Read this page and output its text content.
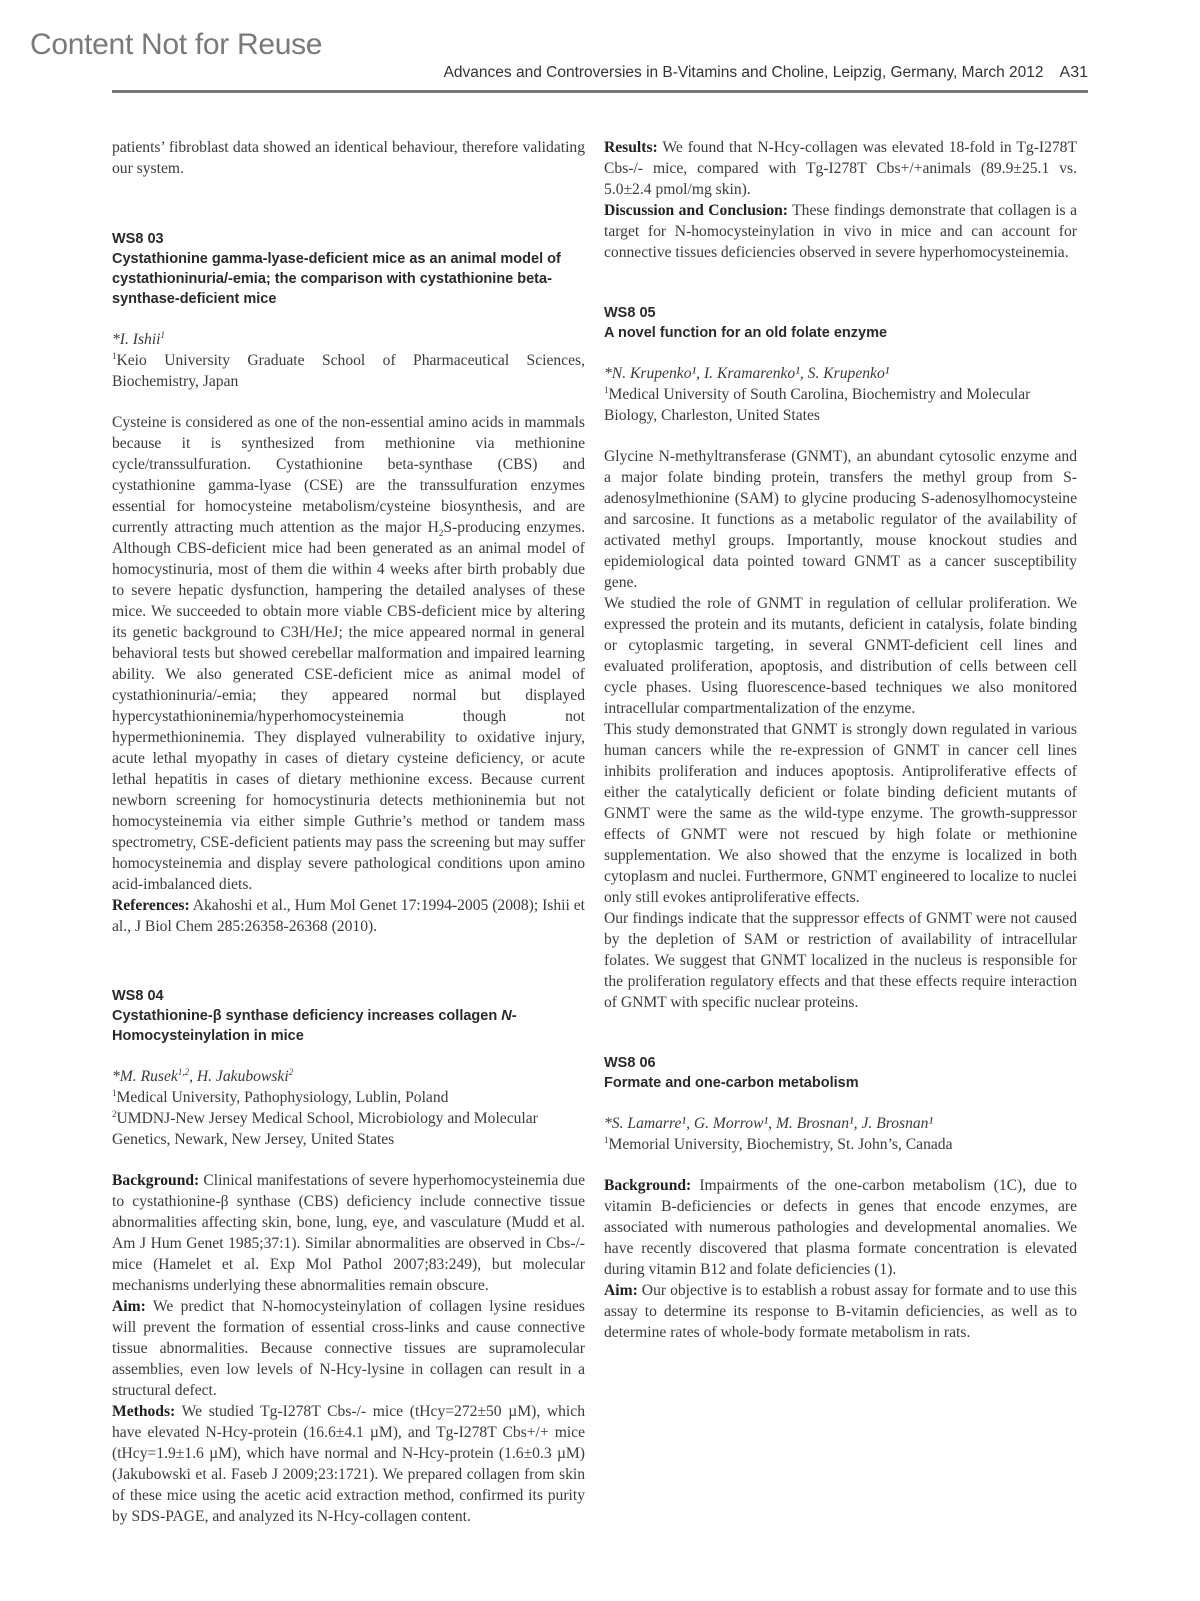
Content Not for Reuse
Advances and Controversies in B-Vitamins and Choline, Leipzig, Germany, March 2012 A31

patients’ fibroblast data showed an identical behaviour, therefore validating our system.

WS8 03
Cystathionine gamma-lyase-deficient mice as an animal model of cystathioninuria/-emia; the comparison with cystathionine beta-synthase-deficient mice
*I. Ishii$^1$
$^1$Keio University Graduate School of Pharmaceutical Sciences, Biochemistry, Japan

Cysteine is considered as one of the non-essential amino acids in mammals because it is synthesized from methionine via methionine cycle/transsulfuration. Cystathionine beta-synthase (CBS) and cystathionine gamma-lyase (CSE) are the transsulfuration enzymes essential for homocysteine metabolism/cysteine biosynthesis, and are currently attracting much attention as the major $H_2S$-producing enzymes. Although CBS-deficient mice had been generated as an animal model of homocystinuria, most of them die within 4 weeks after birth probably due to severe hepatic dysfunction, hampering the detailed analyses of these mice. We succeeded to obtain more viable CBS-deficient mice by altering its genetic background to C3H/HeJ; the mice appeared normal in general behavioral tests but showed cerebellar malformation and impaired learning ability. We also generated CSE-deficient mice as animal model of cystathioninuria/-emia; they appeared normal but displayed hypercystathioninemia/hyperhomocysteinemia though not hypermethioninemia. They displayed vulnerability to oxidative injury, acute lethal myopathy in cases of dietary cysteine deficiency, or acute lethal hepatitis in cases of dietary methionine excess. Because current newborn screening for homocystinuria detects methioninemia but not homocysteinemia via either simple Guthrie’s method or tandem mass spectrometry, CSE-deficient patients may pass the screening but may suffer homocysteinemia and display severe pathological conditions upon amino acid-imbalanced diets.

References: Akahoshi et al., Hum Mol Genet 17:1994-2005 (2008); Ishii et al., J Biol Chem 285:26358-26368 (2010).

WS8 04
Cystathionine-β synthase deficiency increases collagen N-Homocysteinylation in mice
*M. Rusek$^{1,2}$, H. Jakubowski$^2$
$^1$Medical University, Pathophysiology, Lublin, Poland
$^2$UMDNJ-New Jersey Medical School, Microbiology and Molecular Genetics, Newark, New Jersey, United States

Background: Clinical manifestations of severe hyperhomocysteinemia due to cystathionine-β synthase (CBS) deficiency include connective tissue abnormalities affecting skin, bone, lung, eye, and vasculature (Mudd et al. Am J Hum Genet 1985;37:1). Similar abnormalities are observed in Cbs-/- mice (Hamelet et al. Exp Mol Pathol 2007;83:249), but molecular mechanisms underlying these abnormalities remain obscure.

Aim: We predict that N-homocysteinylation of collagen lysine residues will prevent the formation of essential cross-links and cause connective tissue abnormalities. Because connective tissues are supramolecular assemblies, even low levels of N-Hcy-lysine in collagen can result in a structural defect.

Methods: We studied Tg-I278T Cbs-/- mice (tHcy=272±50 µM), which have elevated N-Hcy-protein (16.6±4.1 µM), and Tg-I278T Cbs+/+ mice (tHcy=1.9±1.6 µM), which have normal and N-Hcy-protein (1.6±0.3 µM) (Jakubowski et al. Faseb J 2009;23:1721). We prepared collagen from skin of these mice using the acetic acid extraction method, confirmed its purity by SDS-PAGE, and analyzed its N-Hcy-collagen content.

Results: We found that N-Hcy-collagen was elevated 18-fold in Tg-I278T Cbs-/- mice, compared with Tg-I278T Cbs+/+animals (89.9±25.1 vs. 5.0±2.4 pmol/mg skin).

Discussion and Conclusion: These findings demonstrate that collagen is a target for N-homocysteinylation in vivo in mice and can account for connective tissues deficiencies observed in severe hyperhomocysteinemia.

WS8 05
A novel function for an old folate enzyme
*N. Krupenko¹, I. Kramarenko¹, S. Krupenko¹
$^1$Medical University of South Carolina, Biochemistry and Molecular Biology, Charleston, United States

Glycine N-methyltransferase (GNMT), an abundant cytosolic enzyme and a major folate binding protein, transfers the methyl group from S-adenosylmethionine (SAM) to glycine producing S-adenosylhomocysteine and sarcosine. It functions as a metabolic regulator of the availability of activated methyl groups. Importantly, mouse knockout studies and epidemiological data pointed toward GNMT as a cancer susceptibility gene.

We studied the role of GNMT in regulation of cellular proliferation. We expressed the protein and its mutants, deficient in catalysis, folate binding or cytoplasmic targeting, in several GNMT-deficient cell lines and evaluated proliferation, apoptosis, and distribution of cells between cell cycle phases. Using fluorescence-based techniques we also monitored intracellular compartmentalization of the enzyme.

This study demonstrated that GNMT is strongly down regulated in various human cancers while the re-expression of GNMT in cancer cell lines inhibits proliferation and induces apoptosis. Antiproliferative effects of either the catalytically deficient or folate binding deficient mutants of GNMT were the same as the wild-type enzyme. The growth-suppressor effects of GNMT were not rescued by high folate or methionine supplementation. We also showed that the enzyme is localized in both cytoplasm and nuclei. Furthermore, GNMT engineered to localize to nuclei only still evokes antiproliferative effects.

Our findings indicate that the suppressor effects of GNMT were not caused by the depletion of SAM or restriction of availability of intracellular folates. We suggest that GNMT localized in the nucleus is responsible for the proliferation regulatory effects and that these effects require interaction of GNMT with specific nuclear proteins.

WS8 06
Formate and one-carbon metabolism
*S. Lamarre¹, G. Morrow¹, M. Brosnan¹, J. Brosnan¹
$^1$Memorial University, Biochemistry, St. John’s, Canada

Background: Impairments of the one-carbon metabolism (1C), due to vitamin B-deficiencies or defects in genes that encode enzymes, are associated with numerous pathologies and developmental anomalies. We have recently discovered that plasma formate concentration is elevated during vitamin B12 and folate deficiencies (1).

Aim: Our objective is to establish a robust assay for formate and to use this assay to determine its response to B-vitamin deficiencies, as well as to determine rates of whole-body formate metabolism in rats.
